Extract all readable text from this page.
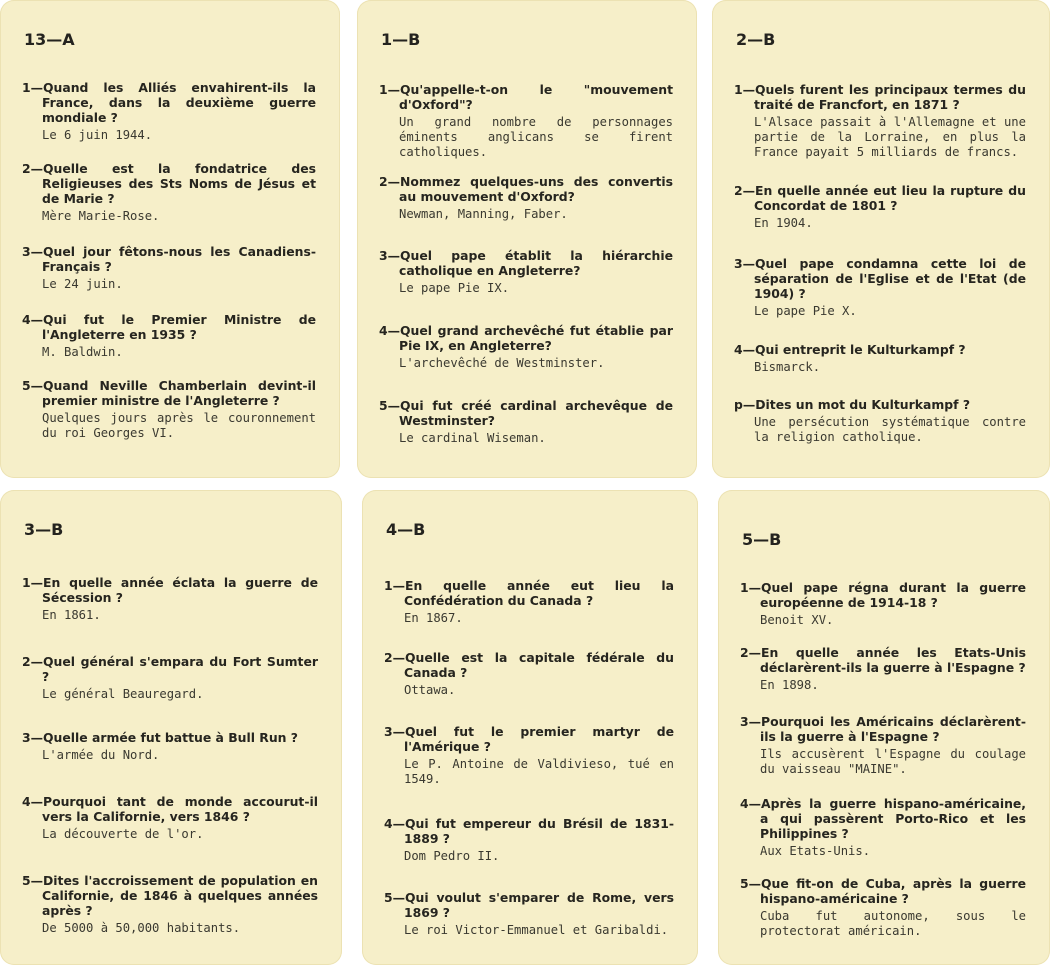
13—A
1—Quand les Alliés envahirent-ils la France, dans la deuxième guerre mondiale ?
Le 6 juin 1944.
2—Quelle est la fondatrice des Religieuses des Sts Noms de Jésus et de Marie ?
Mère Marie-Rose.
3—Quel jour fêtons-nous les Canadiens-Français ?
Le 24 juin.
4—Qui fut le Premier Ministre de l'Angleterre en 1935 ?
M. Baldwin.
5—Quand Neville Chamberlain devint-il premier ministre de l'Angleterre ?
Quelques jours après le couronnement du roi Georges VI.
1—B
1—Qu'appelle-t-on le "mouvement d'Oxford"?
Un grand nombre de personnages éminents anglicans se firent catholiques.
2—Nommez quelques-uns des convertis au mouvement d'Oxford?
Newman, Manning, Faber.
3—Quel pape établit la hiérarchie catholique en Angleterre?
Le pape Pie IX.
4—Quel grand archevêché fut établie par Pie IX, en Angleterre?
L'archevêché de Westminster.
5—Qui fut créé cardinal archevêque de Westminster?
Le cardinal Wiseman.
2—B
1—Quels furent les principaux termes du traité de Francfort, en 1871 ?
L'Alsace passait à l'Allemagne et une partie de la Lorraine, en plus la France payait 5 milliards de francs.
2—En quelle année eut lieu la rupture du Concordat de 1801 ?
En 1904.
3—Quel pape condamna cette loi de séparation de l'Eglise et de l'Etat (de 1904) ?
Le pape Pie X.
4—Qui entreprit le Kulturkampf ?
Bismarck.
p—Dites un mot du Kulturkampf ?
Une persécution systématique contre la religion catholique.
3—B
1—En quelle année éclata la guerre de Sécession ?
En 1861.
2—Quel général s'empara du Fort Sumter ?
Le général Beauregard.
3—Quelle armée fut battue à Bull Run ?
L'armée du Nord.
4—Pourquoi tant de monde accourut-il vers la Californie, vers 1846 ?
La découverte de l'or.
5—Dites l'accroissement de population en Californie, de 1846 à quelques années après ?
De 5000 à 50,000 habitants.
4—B
1—En quelle année eut lieu la Confédération du Canada ?
En 1867.
2—Quelle est la capitale fédérale du Canada ?
Ottawa.
3—Quel fut le premier martyr de l'Amérique ?
Le P. Antoine de Valdivieso, tué en 1549.
4—Qui fut empereur du Brésil de 1831-1889 ?
Dom Pedro II.
5—Qui voulut s'emparer de Rome, vers 1869 ?
Le roi Victor-Emmanuel et Garibaldi.
5—B
1—Quel pape régna durant la guerre européenne de 1914-18 ?
Benoit XV.
2—En quelle année les Etats-Unis déclarèrent-ils la guerre à l'Espagne ?
En 1898.
3—Pourquoi les Américains déclarèrent-ils la guerre à l'Espagne ?
Ils accusèrent l'Espagne du coulage du vaisseau "MAINE".
4—Après la guerre hispano-américaine, a qui passèrent Porto-Rico et les Philippines ?
Aux Etats-Unis.
5—Que fit-on de Cuba, après la guerre hispano-américaine ?
Cuba fut autonome, sous le protectorat américain.
